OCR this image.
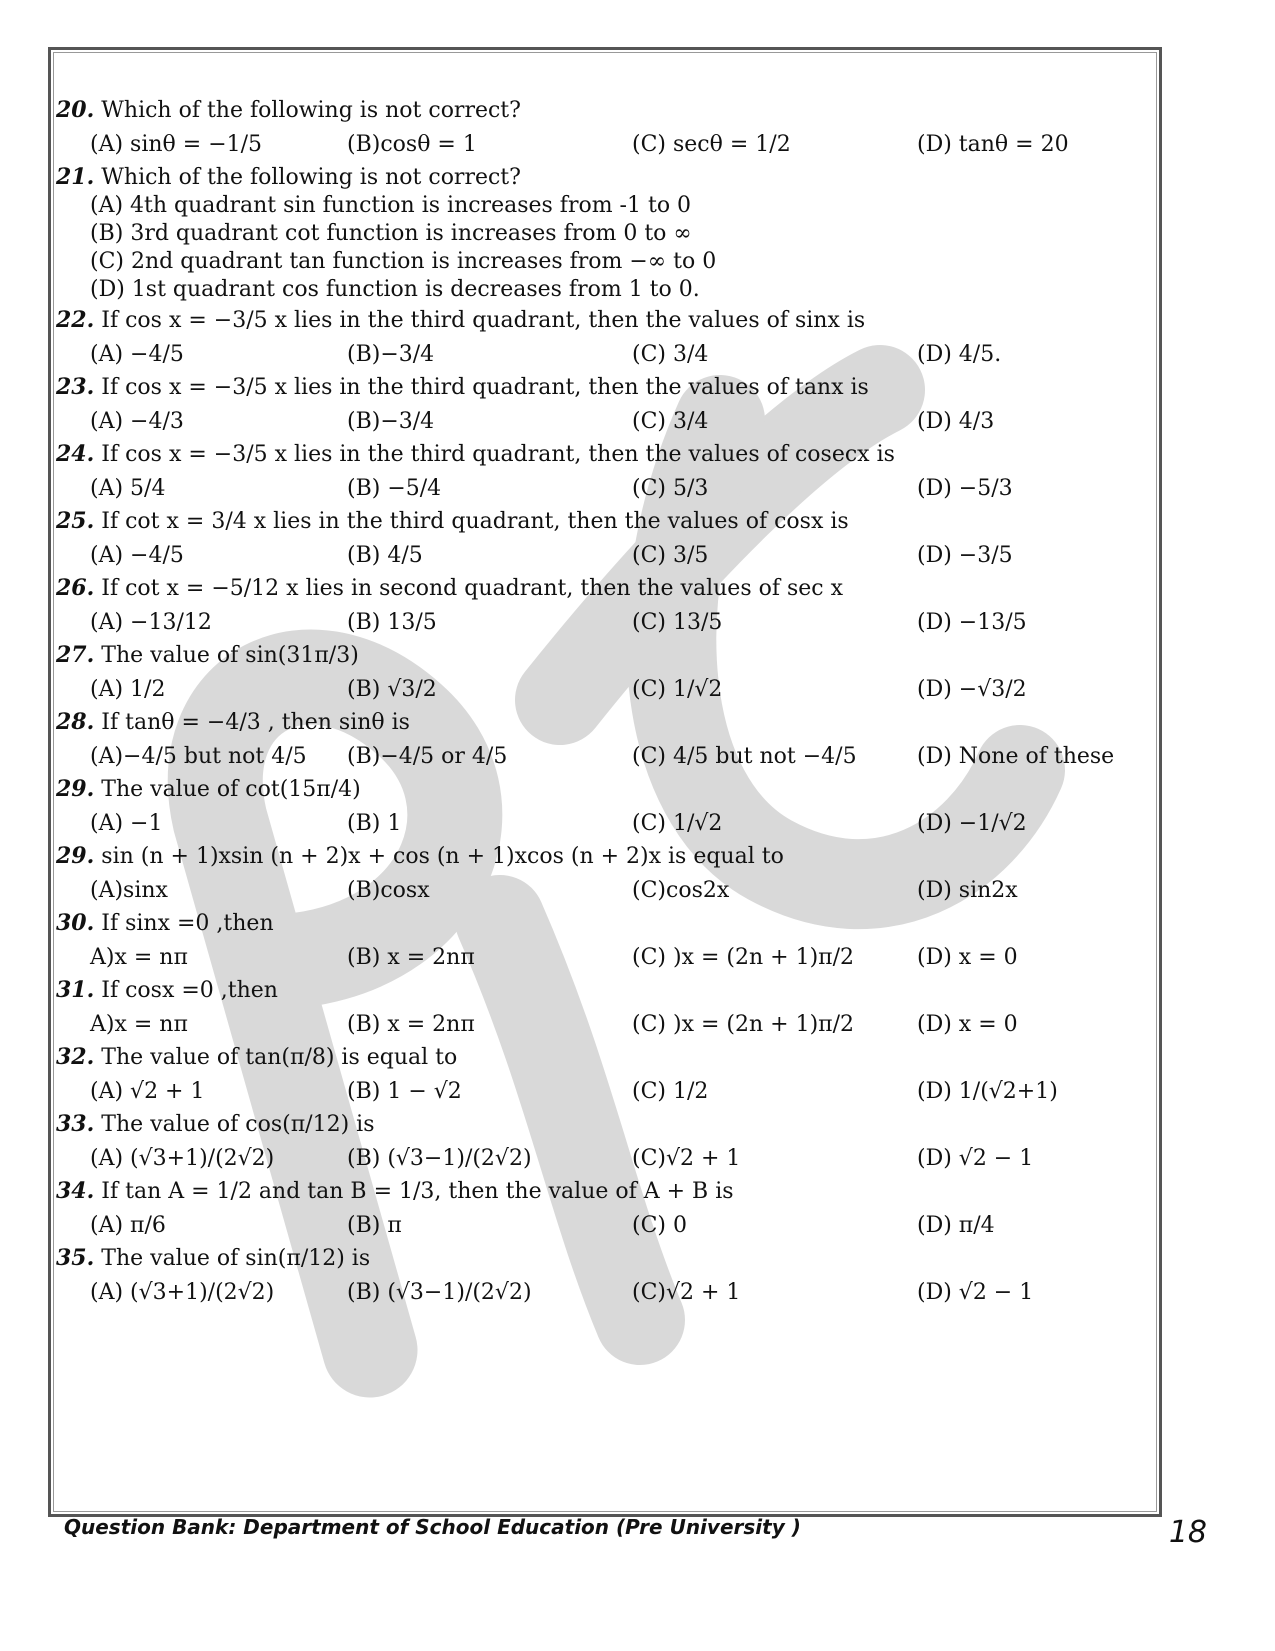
20. Which of the following is not correct?
(A) sinθ = −1/5	(B)cosθ = 1	(C) secθ = 1/2	(D) tanθ = 20
21. Which of the following is not correct?
(A) 4th quadrant sin function is increases from -1 to 0
(B) 3rd quadrant cot function is increases from 0 to ∞
(C) 2nd quadrant tan function is increases from −∞ to 0
(D) 1st quadrant cos function is decreases from 1 to 0.
22. If cos x = −3/5 x lies in the third quadrant, then the values of sinx is
(A) −4/5	(B)−3/4	(C) 3/4	(D) 4/5.
23. If cos x = −3/5 x lies in the third quadrant, then the values of tanx is
(A) −4/3	(B)−3/4	(C) 3/4	(D) 4/3
24. If cos x = −3/5 x lies in the third quadrant, then the values of cosecx is
(A) 5/4	(B) −5/4	(C) 5/3	(D) −5/3
25. If cot x = 3/4 x lies in the third quadrant, then the values of cosx is
(A) −4/5	(B) 4/5	(C) 3/5	(D) −3/5
26. If cot x = −5/12 x lies in second quadrant, then the values of sec x
(A) −13/12	(B) 13/5	(C) 13/5	(D) −13/5
27. The value of sin(31π/3)
(A) 1/2	(B) √3/2	(C) 1/√2	(D) −√3/2
28. If tanθ = −4/3 , then sinθ is
(A)−4/5 but not 4/5	(B)−4/5 or 4/5	(C) 4/5 but not −4/5	(D) None of these
29. The value of cot(15π/4)
(A) −1	(B) 1	(C) 1/√2	(D) −1/√2
29. sin (n + 1)xsin (n + 2)x + cos (n + 1)xcos (n + 2)x is equal to
(A)sinx	(B)cosx	(C)cos2x	(D) sin2x
30. If sinx =0 ,then
A)x = nπ	(B) x = 2nπ	(C) )x = (2n + 1)π/2	(D) x = 0
31. If cosx =0 ,then
A)x = nπ	(B) x = 2nπ	(C) )x = (2n + 1)π/2	(D) x = 0
32. The value of tan(π/8) is equal to
(A) √2 + 1	(B) 1 − √2	(C) 1/2	(D) 1/(√2+1)
33. The value of cos(π/12) is
(A) (√3+1)/(2√2)	(B) (√3−1)/(2√2)	(C)√2 + 1	(D) √2 − 1
34. If tan A = 1/2 and tan B = 1/3, then the value of A + B is
(A) π/6	(B) π	(C) 0	(D) π/4
35. The value of sin(π/12) is
(A) (√3+1)/(2√2)	(B) (√3−1)/(2√2)	(C)√2 + 1	(D) √2 − 1
Question Bank: Department of School Education (Pre University )	18
